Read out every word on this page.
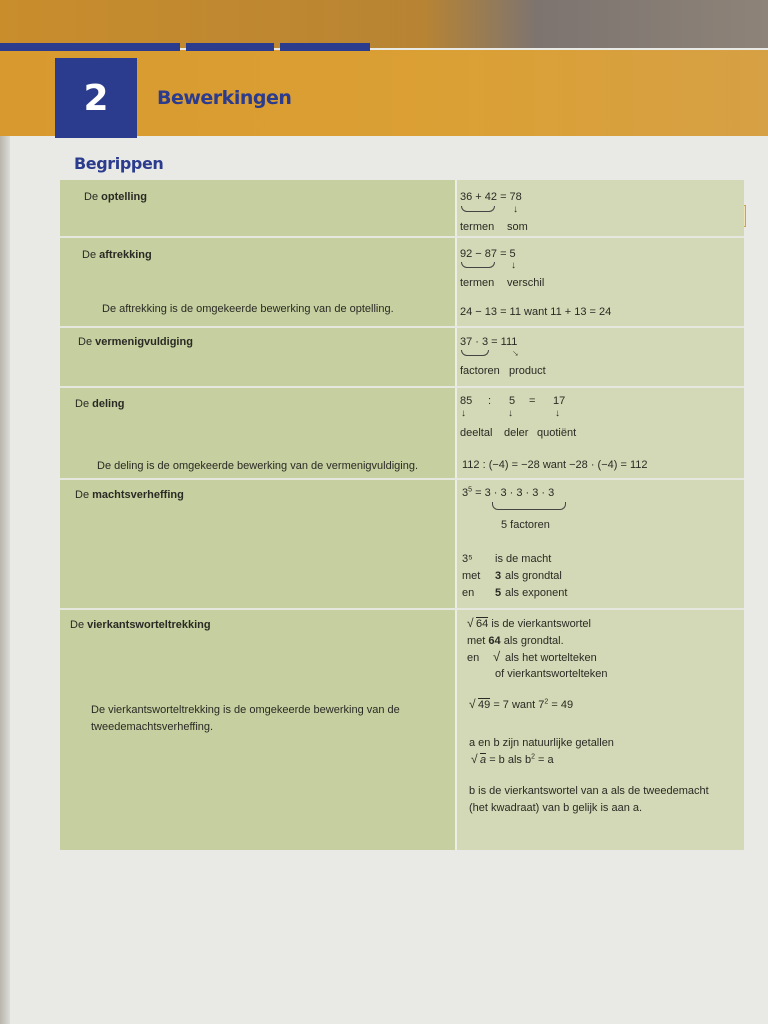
2	Bewerkingen
Begrippen
De optelling	36 + 42 = 78
↓
termen som
De aftrekking
De aftrekking is de omgekeerde bewerking van de optelling.
92 − 87 = 5
↓
termen verschil
24 − 13 = 11 want 11 + 13 = 24
De vermenigvuldiging	37 · 3 = 111
↓
factoren product
De deling
De deling is de omgekeerde bewerking van de vermenigvuldiging.
85 : 5 = 17
↓	↓	↓
deeltal deler quotiënt
112 : (−4) = −28 want −28 · (−4) = 112
De machtsverheffing	$3^5 = 3 \cdot 3 \cdot 3 \cdot 3 \cdot 3$
5 factoren
3⁵ is de macht
met 3 als grondtal
en 5 als exponent
De vierkantsworteltrekking
De vierkantsworteltrekking is de omgekeerde bewerking van de tweedemachtsverheffing.
√ 64 is de vierkantswortel
met 64 als grondtal.
en √ als het wortelteken
of vierkantswortelteken
√ 49 = 7 want $7^2 = 49$
a en b zijn natuurlijke getallen
√ a = b als $b^2 = a$
b is de vierkantswortel van a als de tweedemacht (het kwadraat) van b gelijk is aan a.
